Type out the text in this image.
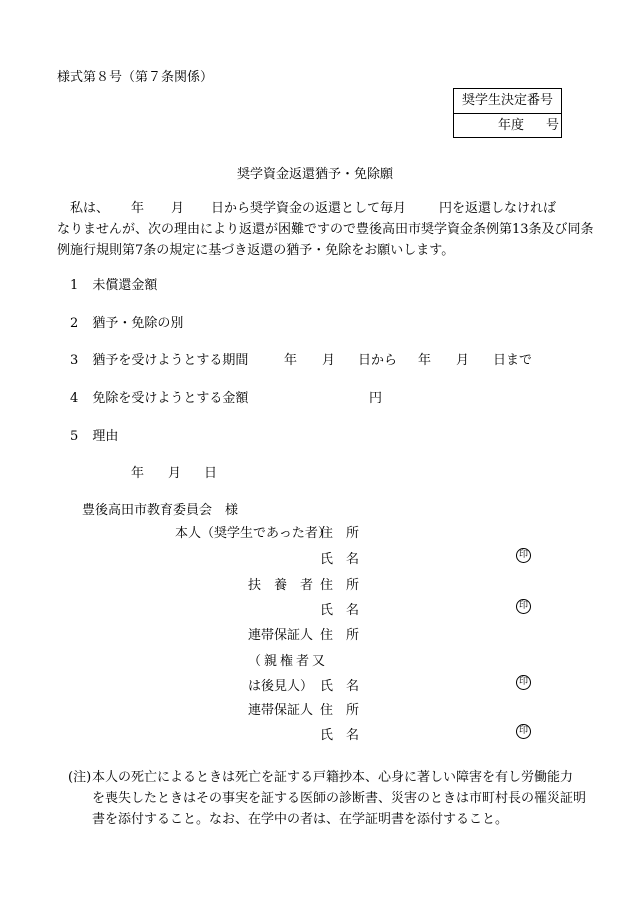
様式第８号（第７条関係）
奨学生決定番号
年度 号
奨学資金返還猶予・免除願
私は、 年 月 日から奨学資金の返還として毎月	円を返還しなければ
なりませんが、次の理由により返還が困難ですので豊後高田市奨学資金条例第13条及び同条
例施行規則第7条の規定に基づき返還の猶予・免除をお願いします。
1 未償還金額
2 猶予・免除の別
3 猶予を受けようとする期間	年 月 日から 年 月 日まで
4 免除を受けようとする金額	円
5 理由
年 月 日
豊後高田市教育委員会　様
本人（奨学生であった者）
住　所
氏　名	印
扶　養　者 住　所
氏　名	印
連帯保証人 住　所
（親権者又
は後見人） 氏　名	印
連帯保証人 住　所
氏　名	印
(注) 本人の死亡によるときは死亡を証する戸籍抄本、心身に著しい障害を有し労働能力
を喪失したときはその事実を証する医師の診断書、災害のときは市町村長の罹災証明
書を添付すること。なお、在学中の者は、在学証明書を添付すること。
